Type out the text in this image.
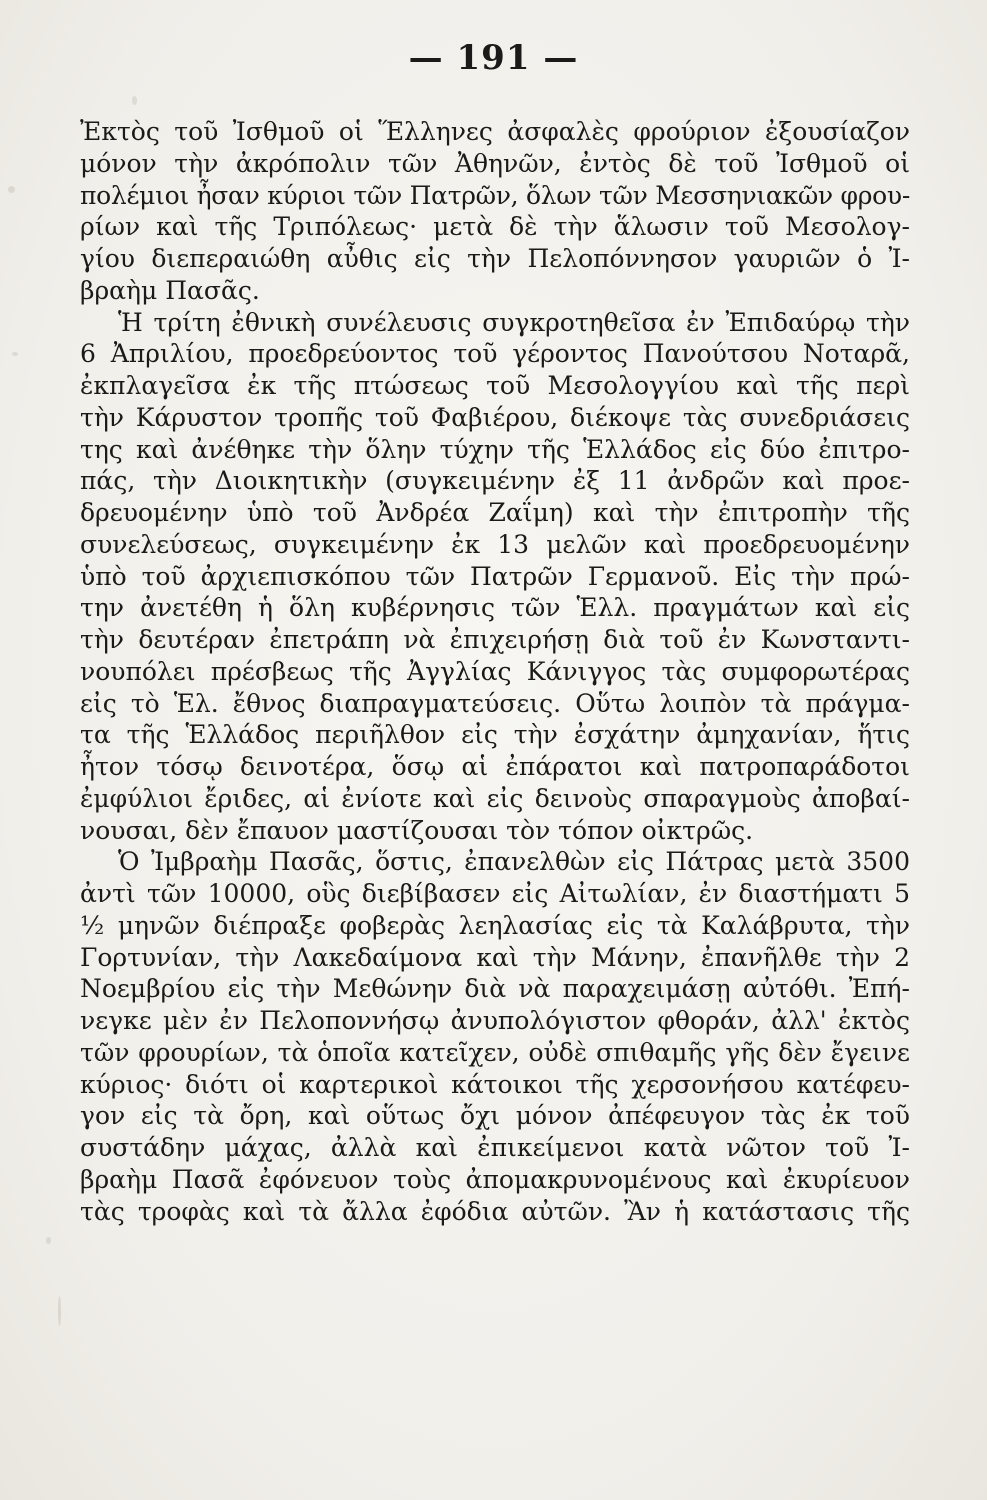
— 191 —
Ἐκτὸς τοῦ Ἰσθμοῦ οἱ Ἕλληνες ἀσφαλὲς φρούριον ἐξουσίαζον
μόνον τὴν ἀκρόπολιν τῶν Ἀθηνῶν, ἐντὸς δὲ τοῦ Ἰσθμοῦ οἱ
πολέμιοι ἦσαν κύριοι τῶν Πατρῶν, ὅλων τῶν Μεσσηνιακῶν φρου-
ρίων καὶ τῆς Τριπόλεως· μετὰ δὲ τὴν ἅλωσιν τοῦ Μεσολογ-
γίου διεπεραιώθη αὖθις εἰς τὴν Πελοπόννησον γαυριῶν ὁ Ἰ-
βραὴμ Πασᾶς.
Ἡ τρίτη ἐθνικὴ συνέλευσις συγκροτηθεῖσα ἐν Ἐπιδαύρῳ τὴν
6 Ἀπριλίου, προεδρεύοντος τοῦ γέροντος Πανούτσου Νοταρᾶ,
ἐκπλαγεῖσα ἐκ τῆς πτώσεως τοῦ Μεσολογγίου καὶ τῆς περὶ
τὴν Κάρυστον τροπῆς τοῦ Φαβιέρου, διέκοψε τὰς συνεδριάσεις
της καὶ ἀνέθηκε τὴν ὅλην τύχην τῆς Ἑλλάδος εἰς δύο ἐπιτρο-
πάς, τὴν Διοικητικὴν (συγκειμένην ἐξ 11 ἀνδρῶν καὶ προε-
δρευομένην ὑπὸ τοῦ Ἀνδρέα Ζαΐμη) καὶ τὴν ἐπιτροπὴν τῆς
συνελεύσεως, συγκειμένην ἐκ 13 μελῶν καὶ προεδρευομένην
ὑπὸ τοῦ ἀρχιεπισκόπου τῶν Πατρῶν Γερμανοῦ. Εἰς τὴν πρώ-
την ἀνετέθη ἡ ὅλη κυβέρνησις τῶν Ἑλλ. πραγμάτων καὶ εἰς
τὴν δευτέραν ἐπετράπη νὰ ἐπιχειρήσῃ διὰ τοῦ ἐν Κωνσταντι-
νουπόλει πρέσβεως τῆς Ἀγγλίας Κάνιγγος τὰς συμφορωτέρας
εἰς τὸ Ἑλ. ἔθνος διαπραγματεύσεις. Οὕτω λοιπὸν τὰ πράγμα-
τα τῆς Ἑλλάδος περιῆλθον εἰς τὴν ἐσχάτην ἀμηχανίαν, ἥτις
ἦτον τόσῳ δεινοτέρα, ὅσῳ αἱ ἐπάρατοι καὶ πατροπαράδοτοι
ἐμφύλιοι ἔριδες, αἱ ἐνίοτε καὶ εἰς δεινοὺς σπαραγμοὺς ἀποβαί-
νουσαι, δὲν ἔπαυον μαστίζουσαι τὸν τόπον οἰκτρῶς.
Ὁ Ἰμβραὴμ Πασᾶς, ὅστις, ἐπανελθὼν εἰς Πάτρας μετὰ 3500
ἀντὶ τῶν 10000, οὓς διεβίβασεν εἰς Αἰτωλίαν, ἐν διαστήματι 5
½ μηνῶν διέπραξε φοβερὰς λεηλασίας εἰς τὰ Καλάβρυτα, τὴν
Γορτυνίαν, τὴν Λακεδαίμονα καὶ τὴν Μάνην, ἐπανῆλθε τὴν 2
Νοεμβρίου εἰς τὴν Μεθώνην διὰ νὰ παραχειμάσῃ αὐτόθι. Ἐπή-
νεγκε μὲν ἐν Πελοποννήσῳ ἀνυπολόγιστον φθοράν, ἀλλ' ἐκτὸς
τῶν φρουρίων, τὰ ὁποῖα κατεῖχεν, οὐδὲ σπιθαμῆς γῆς δὲν ἔγεινε
κύριος· διότι οἱ καρτερικοὶ κάτοικοι τῆς χερσονήσου κατέφευ-
γον εἰς τὰ ὄρη, καὶ οὕτως ὄχι μόνον ἀπέφευγον τὰς ἐκ τοῦ
συστάδην μάχας, ἀλλὰ καὶ ἐπικείμενοι κατὰ νῶτον τοῦ Ἰ-
βραὴμ Πασᾶ ἐφόνευον τοὺς ἀπομακρυνομένους καὶ ἐκυρίευον
τὰς τροφὰς καὶ τὰ ἄλλα ἐφόδια αὐτῶν. Ἂν ἡ κατάστασις τῆς
